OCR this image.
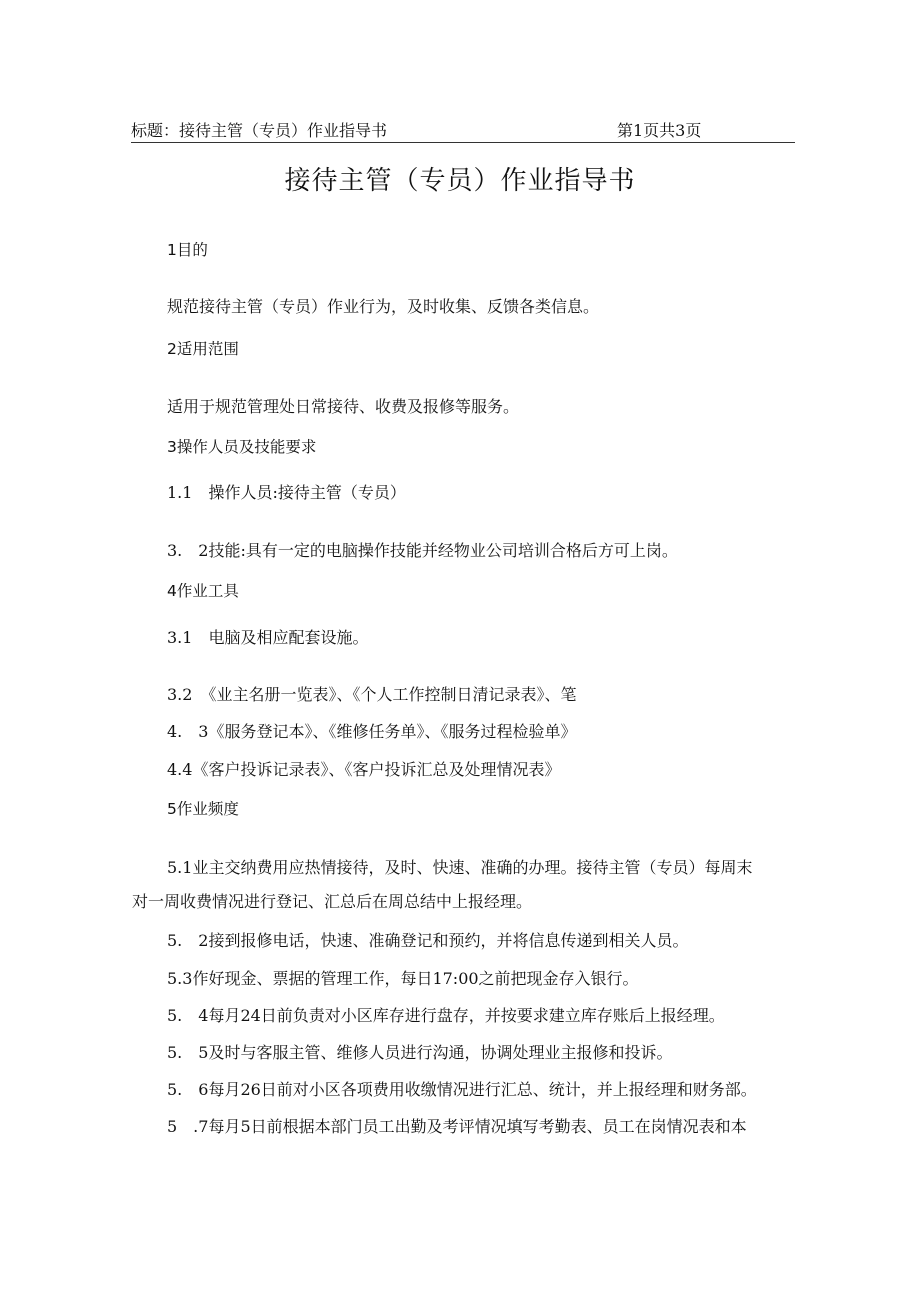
标题：接待主管（专员）作业指导书	第1页共3页
接待主管（专员）作业指导书
1目的
规范接待主管（专员）作业行为，及时收集、反馈各类信息。
2适用范围
适用于规范管理处日常接待、收费及报修等服务。
3操作人员及技能要求
1.1　操作人员:接待主管（专员）
3.　2技能:具有一定的电脑操作技能并经物业公司培训合格后方可上岗。
4作业工具
3.1　电脑及相应配套设施。
3.2　《业主名册一览表》、《个人工作控制日清记录表》、笔
4.　3《服务登记本》、《维修任务单》、《服务过程检验单》
4.4《客户投诉记录表》、《客户投诉汇总及处理情况表》
5作业频度
5.1业主交纳费用应热情接待，及时、快速、准确的办理。接待主管（专员）每周末
对一周收费情况进行登记、汇总后在周总结中上报经理。
5.　2接到报修电话，快速、准确登记和预约，并将信息传递到相关人员。
5.3作好现金、票据的管理工作，每日17:00之前把现金存入银行。
5.　4每月24日前负责对小区库存进行盘存，并按要求建立库存账后上报经理。
5.　5及时与客服主管、维修人员进行沟通，协调处理业主报修和投诉。
5.　6每月26日前对小区各项费用收缴情况进行汇总、统计，并上报经理和财务部。
5　.7每月5日前根据本部门员工出勤及考评情况填写考勤表、员工在岗情况表和本
